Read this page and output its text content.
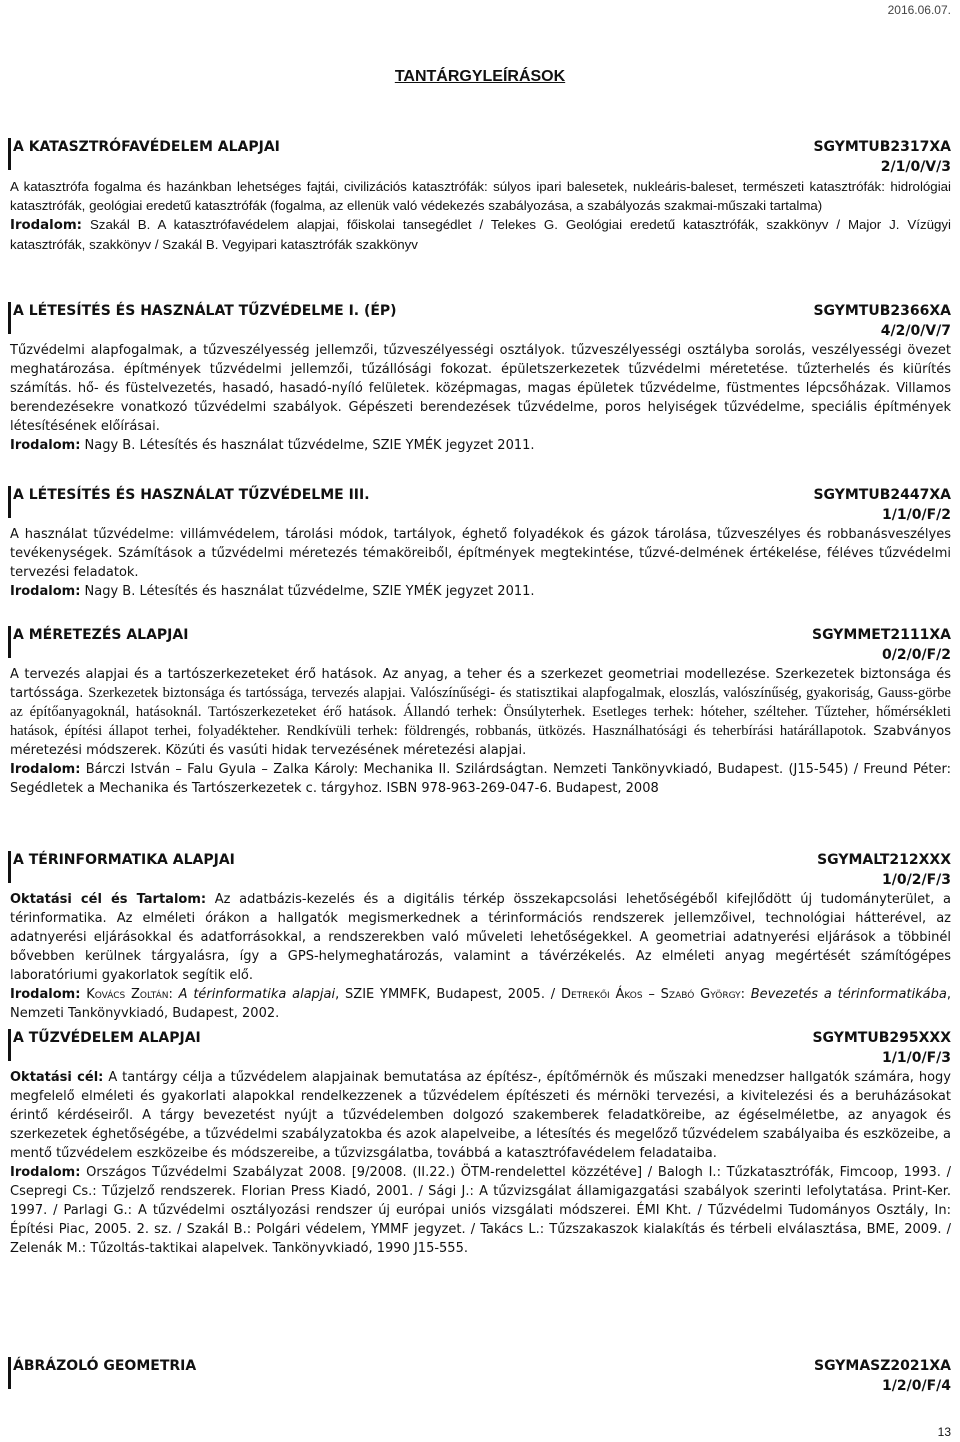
2016.06.07.
TANTÁRGYLEÍRÁSOK
A KATASZTRÓFAVÉDELEM ALAPJAI	SGYMTUB2317XA
2/1/0/V/3
A katasztrófa fogalma és hazánkban lehetséges fajtái, civilizációs katasztrófák: súlyos ipari balesetek, nukleáris-baleset, természeti katasztrófák: hidrológiai katasztrófák, geológiai eredetű katasztrófák (fogalma, az ellenük való védekezés szabályozása, a szabályozás szakmai-műszaki tartalma)
Irodalom: Szakál B. A katasztrófavédelem alapjai, főiskolai tansegédlet / Telekes G. Geológiai eredetű katasztrófák, szakkönyv / Major J. Vízügyi katasztrófák, szakkönyv / Szakál B. Vegyipari katasztrófák szakkönyv
A LÉTESÍTÉS ÉS HASZNÁLAT TŰZVÉDELME I. (ÉP)	SGYMTUB2366XA
4/2/0/V/7
Tűzvédelmi alapfogalmak, a tűzveszélyesség jellemzői, tűzveszélyességi osztályok. tűzveszélyességi osztályba sorolás, veszélyességi övezet meghatározása. építmények tűzvédelmi jellemzői, tűzállósági fokozat. épületszerkezetek tűzvédelmi méretetése. tűzterhelés és kiürítés számítás. hő- és füstelvezetés, hasadó, hasadó-nyíló felületek. középmagas, magas épületek tűzvédelme, füstmentes lépcsőházak. Villamos berendezésekre vonatkozó tűzvédelmi szabályok. Gépészeti berendezések tűzvédelme, poros helyiségek tűzvédelme, speciális építmények létesítésének előírásai.
Irodalom: Nagy B. Létesítés és használat tűzvédelme, SZIE YMÉK jegyzet 2011.
A LÉTESÍTÉS ÉS HASZNÁLAT TŰZVÉDELME III.	SGYMTUB2447XA
1/1/0/F/2
A használat tűzvédelme: villámvédelem, tárolási módok, tartályok, éghető folyadékok és gázok tárolása, tűzveszélyes és robbanásveszélyes tevékenységek. Számítások a tűzvédelmi méretezés témaköreiből, építmények megtekintése, tűzvé-delmének értékelése, féléves tűzvédelmi tervezési feladatok.
Irodalom: Nagy B. Létesítés és használat tűzvédelme, SZIE YMÉK jegyzet 2011.
A MÉRETEZÉS ALAPJAI	SGYMMET2111XA
0/2/0/F/2
A tervezés alapjai és a tartószerkezeteket érő hatások. Az anyag, a teher és a szerkezet geometriai modellezése. Szerkezetek biztonsága és tartóssága. Szerkezetek biztonsága és tartóssága, tervezés alapjai. Valószínűségi- és statisztikai alapfogalmak, eloszlás, valószínűség, gyakoriság, Gauss-görbe az építőanyagoknál, hatásoknál. Tartószerkezeteket érő hatások. Állandó terhek: Önsúlyterhek. Esetleges terhek: hóteher, szélteher. Tűzteher, hőmérsékleti hatások, építési állapot terhei, folyadékteher. Rendkívüli terhek: földrengés, robbanás, ütközés. Használhatósági és teherbírási határállapotok. Szabványos méretezési módszerek. Közúti és vasúti hidak tervezésének méretezési alapjai.
Irodalom: Bárczi István – Falu Gyula – Zalka Károly: Mechanika II. Szilárdságtan. Nemzeti Tankönyvkiadó, Budapest. (J15-545) / Freund Péter: Segédletek a Mechanika és Tartószerkezetek c. tárgyhoz. ISBN 978-963-269-047-6. Budapest, 2008
A TÉRINFORMATIKA ALAPJAI	SGYMALT212XXX
1/0/2/F/3
Oktatási cél és Tartalom: Az adatbázis-kezelés és a digitális térkép összekapcsolási lehetőségéből kifejlődött új tudományterület, a térinformatika. Az elméleti órákon a hallgatók megismerkednek a térinformációs rendszerek jellemzőivel, technológiai hátterével, az adatnyerési eljárásokkal és adatforrásokkal, a rendszerekben való műveleti lehetőségekkel. A geometriai adatnyerési eljárások a többinél bővebben kerülnek tárgyalásra, így a GPS-helymeghatározás, valamint a távérzékelés. Az elméleti anyag megértését számítógépes laboratóriumi gyakorlatok segítik elő.
Irodalom: Kovács Zoltán: A térinformatika alapjai, SZIE YMMFK, Budapest, 2005. / Detrekői Ákos – Szabó György: Bevezetés a térinformatikába, Nemzeti Tankönyvkiadó, Budapest, 2002.
A TŰZVÉDELEM ALAPJAI	SGYMTUB295XXX
1/1/0/F/3
Oktatási cél: A tantárgy célja a tűzvédelem alapjainak bemutatása az építész-, építőmérnök és műszaki menedzser hallgatók számára, hogy megfelelő elméleti és gyakorlati alapokkal rendelkezzenek a tűzvédelem építészeti és mérnöki tervezési, a kivitelezési és a beruházásokat érintő kérdéseiről. A tárgy bevezetést nyújt a tűzvédelemben dolgozó szakemberek feladatköreibe, az égéselméletbe, az anyagok és szerkezetek éghetőségébe, a tűzvédelmi szabályzatokba és azok alapelveibe, a létesítés és megelőző tűzvédelem szabályaiba és eszközeibe, a mentő tűzvédelem eszközeibe és módszereibe, a tűzvizsgálatba, továbbá a katasztrófavédelem feladataiba.
Irodalom: Országos Tűzvédelmi Szabályzat 2008. [9/2008. (II.22.) ÖTM-rendelettel közzétéve] / Balogh I.: Tűzkatasztrófák, Fimcoop, 1993. / Csepregi Cs.: Tűzjelző rendszerek. Florian Press Kiadó, 2001. / Sági J.: A tűzvizsgálat államigazgatási szabályok szerinti lefolytatása. Print-Ker. 1997. / Parlagi G.: A tűzvédelmi osztályozási rendszer új európai uniós vizsgálati módszerei. ÉMI Kht. / Tűzvédelmi Tudományos Osztály, In: Építési Piac, 2005. 2. sz. / Szakál B.: Polgári védelem, YMMF jegyzet. / Takács L.: Tűzszakaszok kialakítás és térbeli elválasztása, BME, 2009. / Zelenák M.: Tűzoltás-taktikai alapelvek. Tankönyvkiadó, 1990 J15-555.
ÁBRÁZOLÓ GEOMETRIA	SGYMASZ2021XA
1/2/0/F/4
13
